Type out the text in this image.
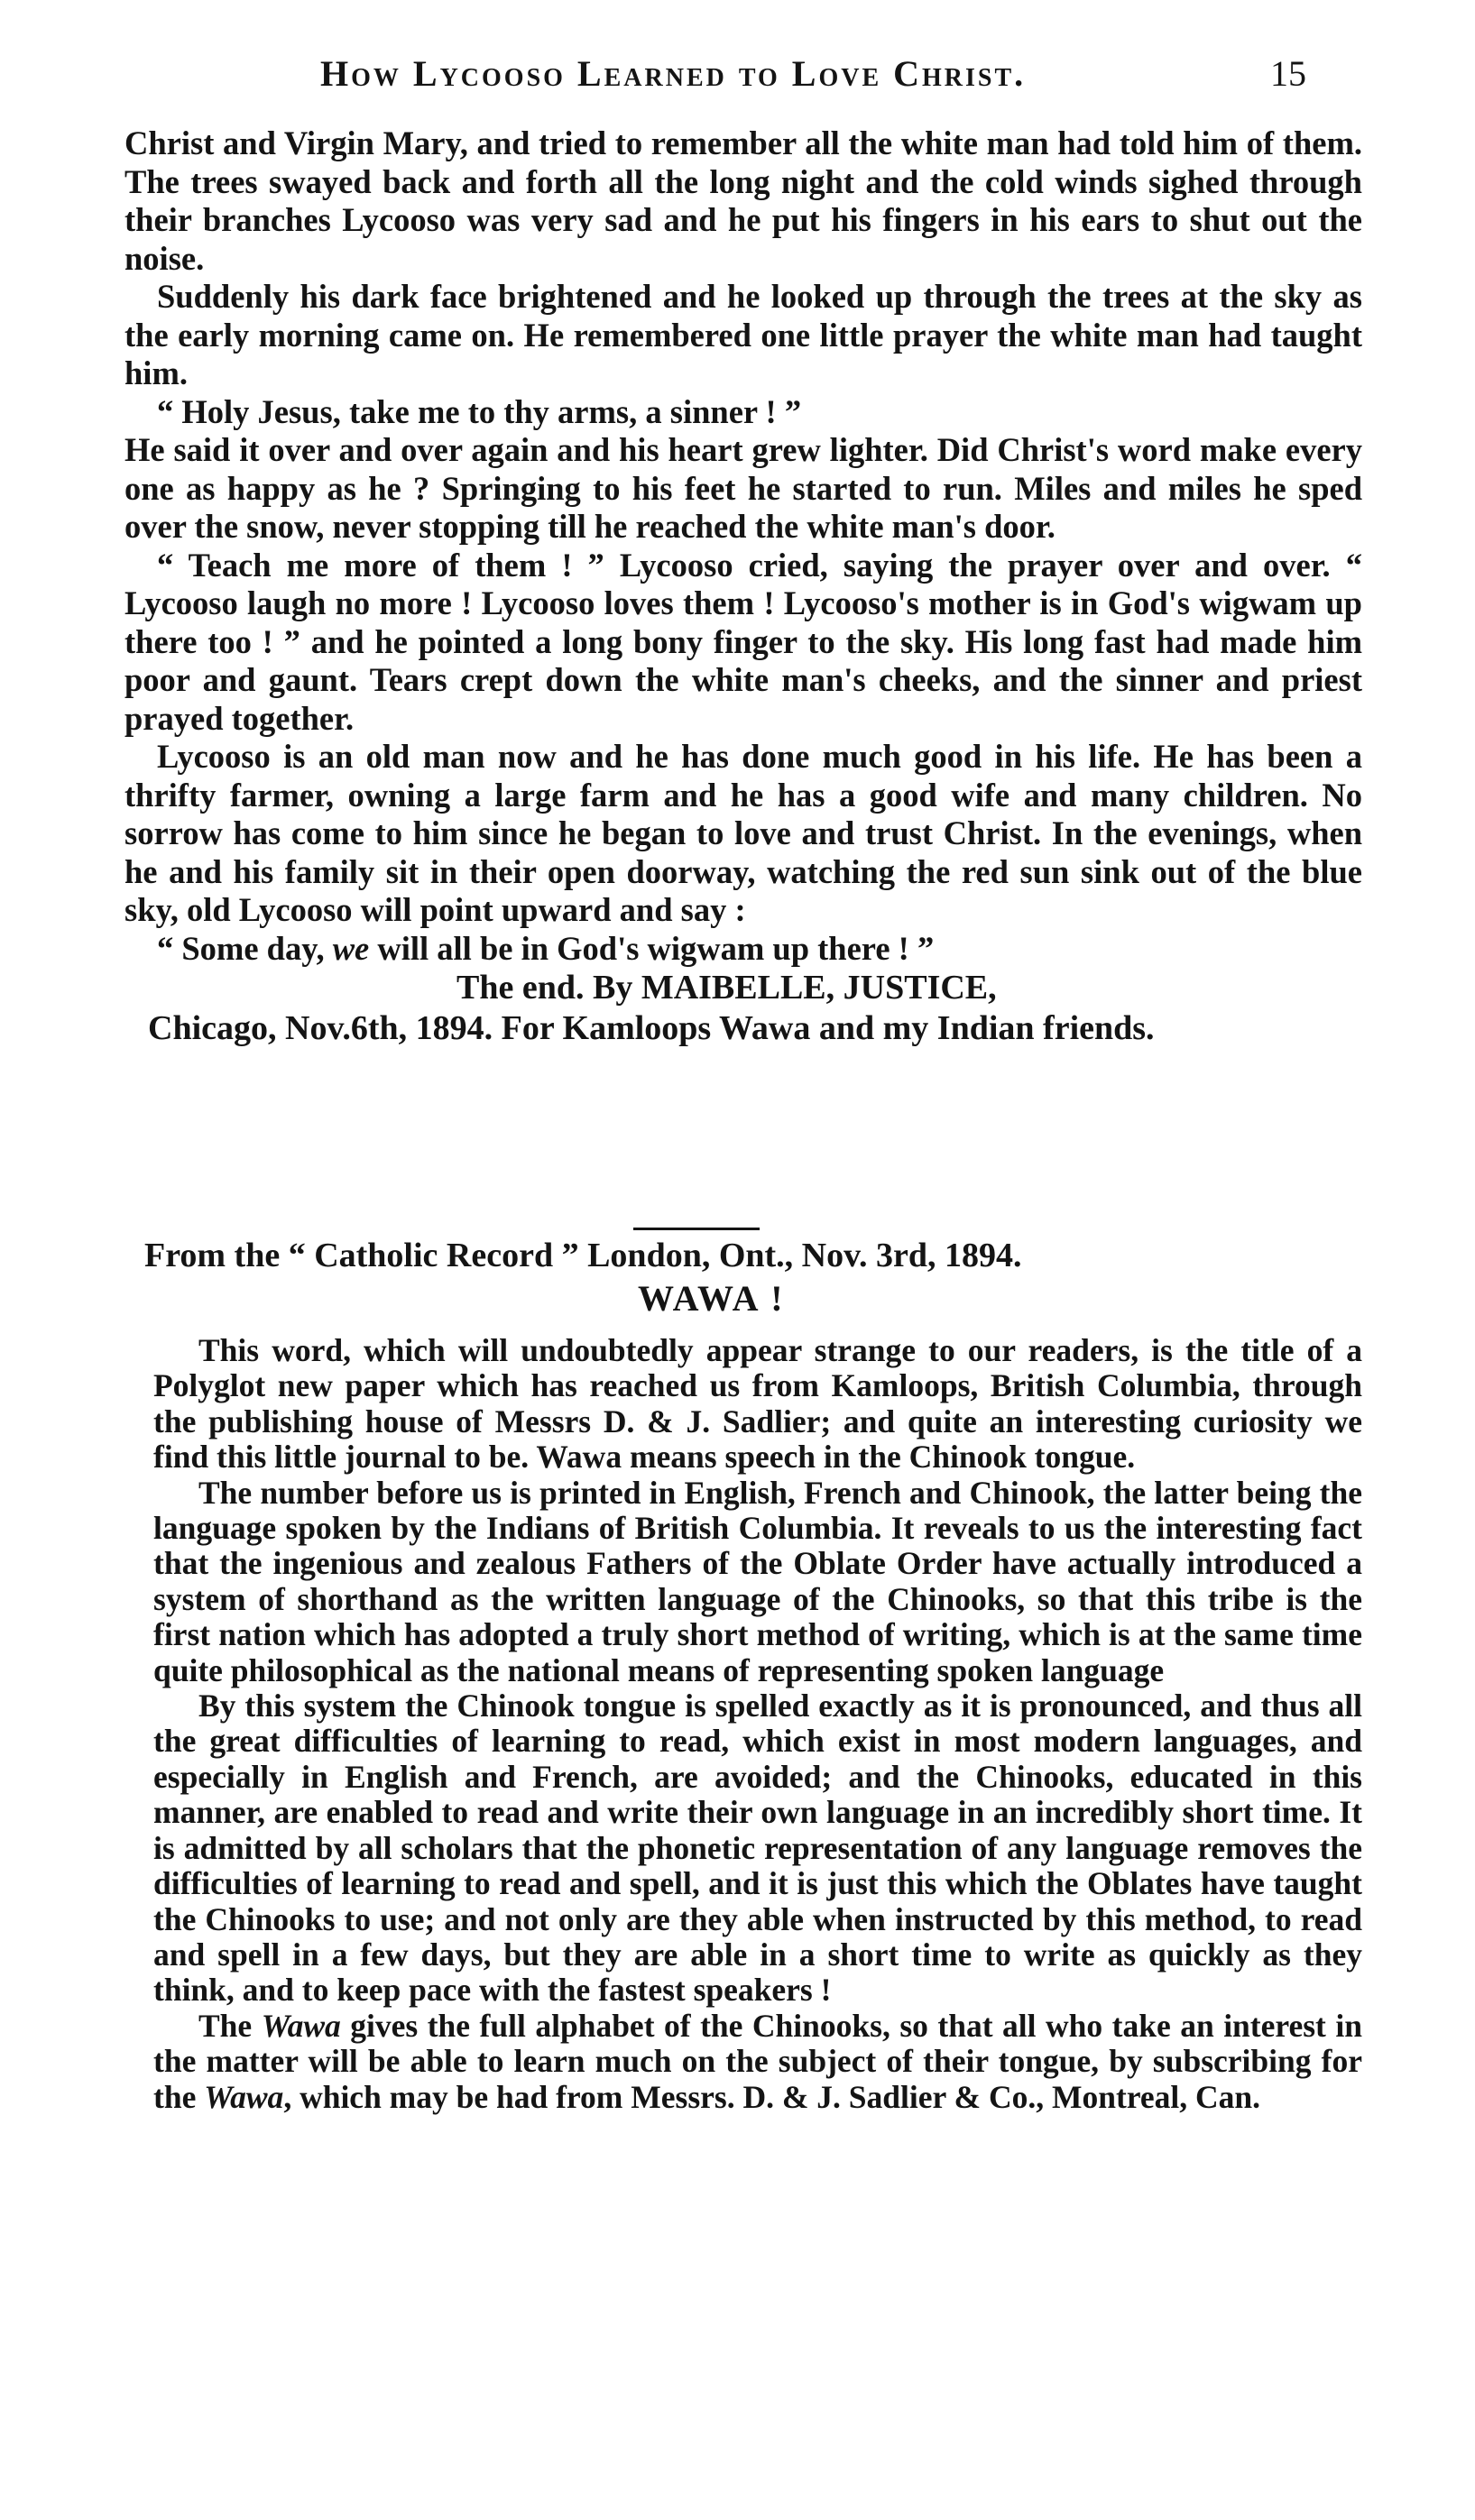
How Lycooso Learned to Love Christ.	15

Christ and Virgin Mary, and tried to remember all the white man had told him of them. The trees swayed back and forth all the long night and the cold winds sighed through their branches Lycooso was very sad and he put his fingers in his ears to shut out the noise.

Suddenly his dark face brightened and he looked up through the trees at the sky as the early morning came on. He remembered one little prayer the white man had taught him.

“ Holy Jesus, take me to thy arms, a sinner ! ”

He said it over and over again and his heart grew lighter. Did Christ's word make every one as happy as he ? Springing to his feet he started to run. Miles and miles he sped over the snow, never stopping till he reached the white man's door.

“ Teach me more of them ! ” Lycooso cried, saying the prayer over and over. “ Lycooso laugh no more ! Lycooso loves them ! Lycooso's mother is in God's wigwam up there too ! ” and he pointed a long bony finger to the sky. His long fast had made him poor and gaunt. Tears crept down the white man's cheeks, and the sinner and priest prayed together.

Lycooso is an old man now and he has done much good in his life. He has been a thrifty farmer, owning a large farm and he has a good wife and many children. No sorrow has come to him since he began to love and trust Christ. In the evenings, when he and his family sit in their open doorway, watching the red sun sink out of the blue sky, old Lycooso will point upward and say :

“ Some day, we will all be in God's wigwam up there ! ”

The end. By MAIBELLE, JUSTICE,
Chicago, Nov.6th, 1894. For Kamloops Wawa and my Indian friends.
From the “ Catholic Record ” London, Ont., Nov. 3rd, 1894.
WAWA !

This word, which will undoubtedly appear strange to our readers, is the title of a Polyglot new paper which has reached us from Kamloops, British Columbia, through the publishing house of Messrs D. & J. Sadlier; and quite an interesting curiosity we find this little journal to be. Wawa means speech in the Chinook tongue.

The number before us is printed in English, French and Chinook, the latter being the language spoken by the Indians of British Columbia. It reveals to us the interesting fact that the ingenious and zealous Fathers of the Oblate Order have actually introduced a system of shorthand as the written language of the Chinooks, so that this tribe is the first nation which has adopted a truly short method of writing, which is at the same time quite philosophical as the national means of representing spoken language

By this system the Chinook tongue is spelled exactly as it is pronounced, and thus all the great difficulties of learning to read, which exist in most modern languages, and especially in English and French, are avoided; and the Chinooks, educated in this manner, are enabled to read and write their own language in an incredibly short time. It is admitted by all scholars that the phonetic representation of any language removes the difficulties of learning to read and spell, and it is just this which the Oblates have taught the Chinooks to use; and not only are they able when instructed by this method, to read and spell in a few days, but they are able in a short time to write as quickly as they think, and to keep pace with the fastest speakers !

The Wawa gives the full alphabet of the Chinooks, so that all who take an interest in the matter will be able to learn much on the subject of their tongue, by subscribing for the Wawa, which may be had from Messrs. D. & J. Sadlier & Co., Montreal, Can.
